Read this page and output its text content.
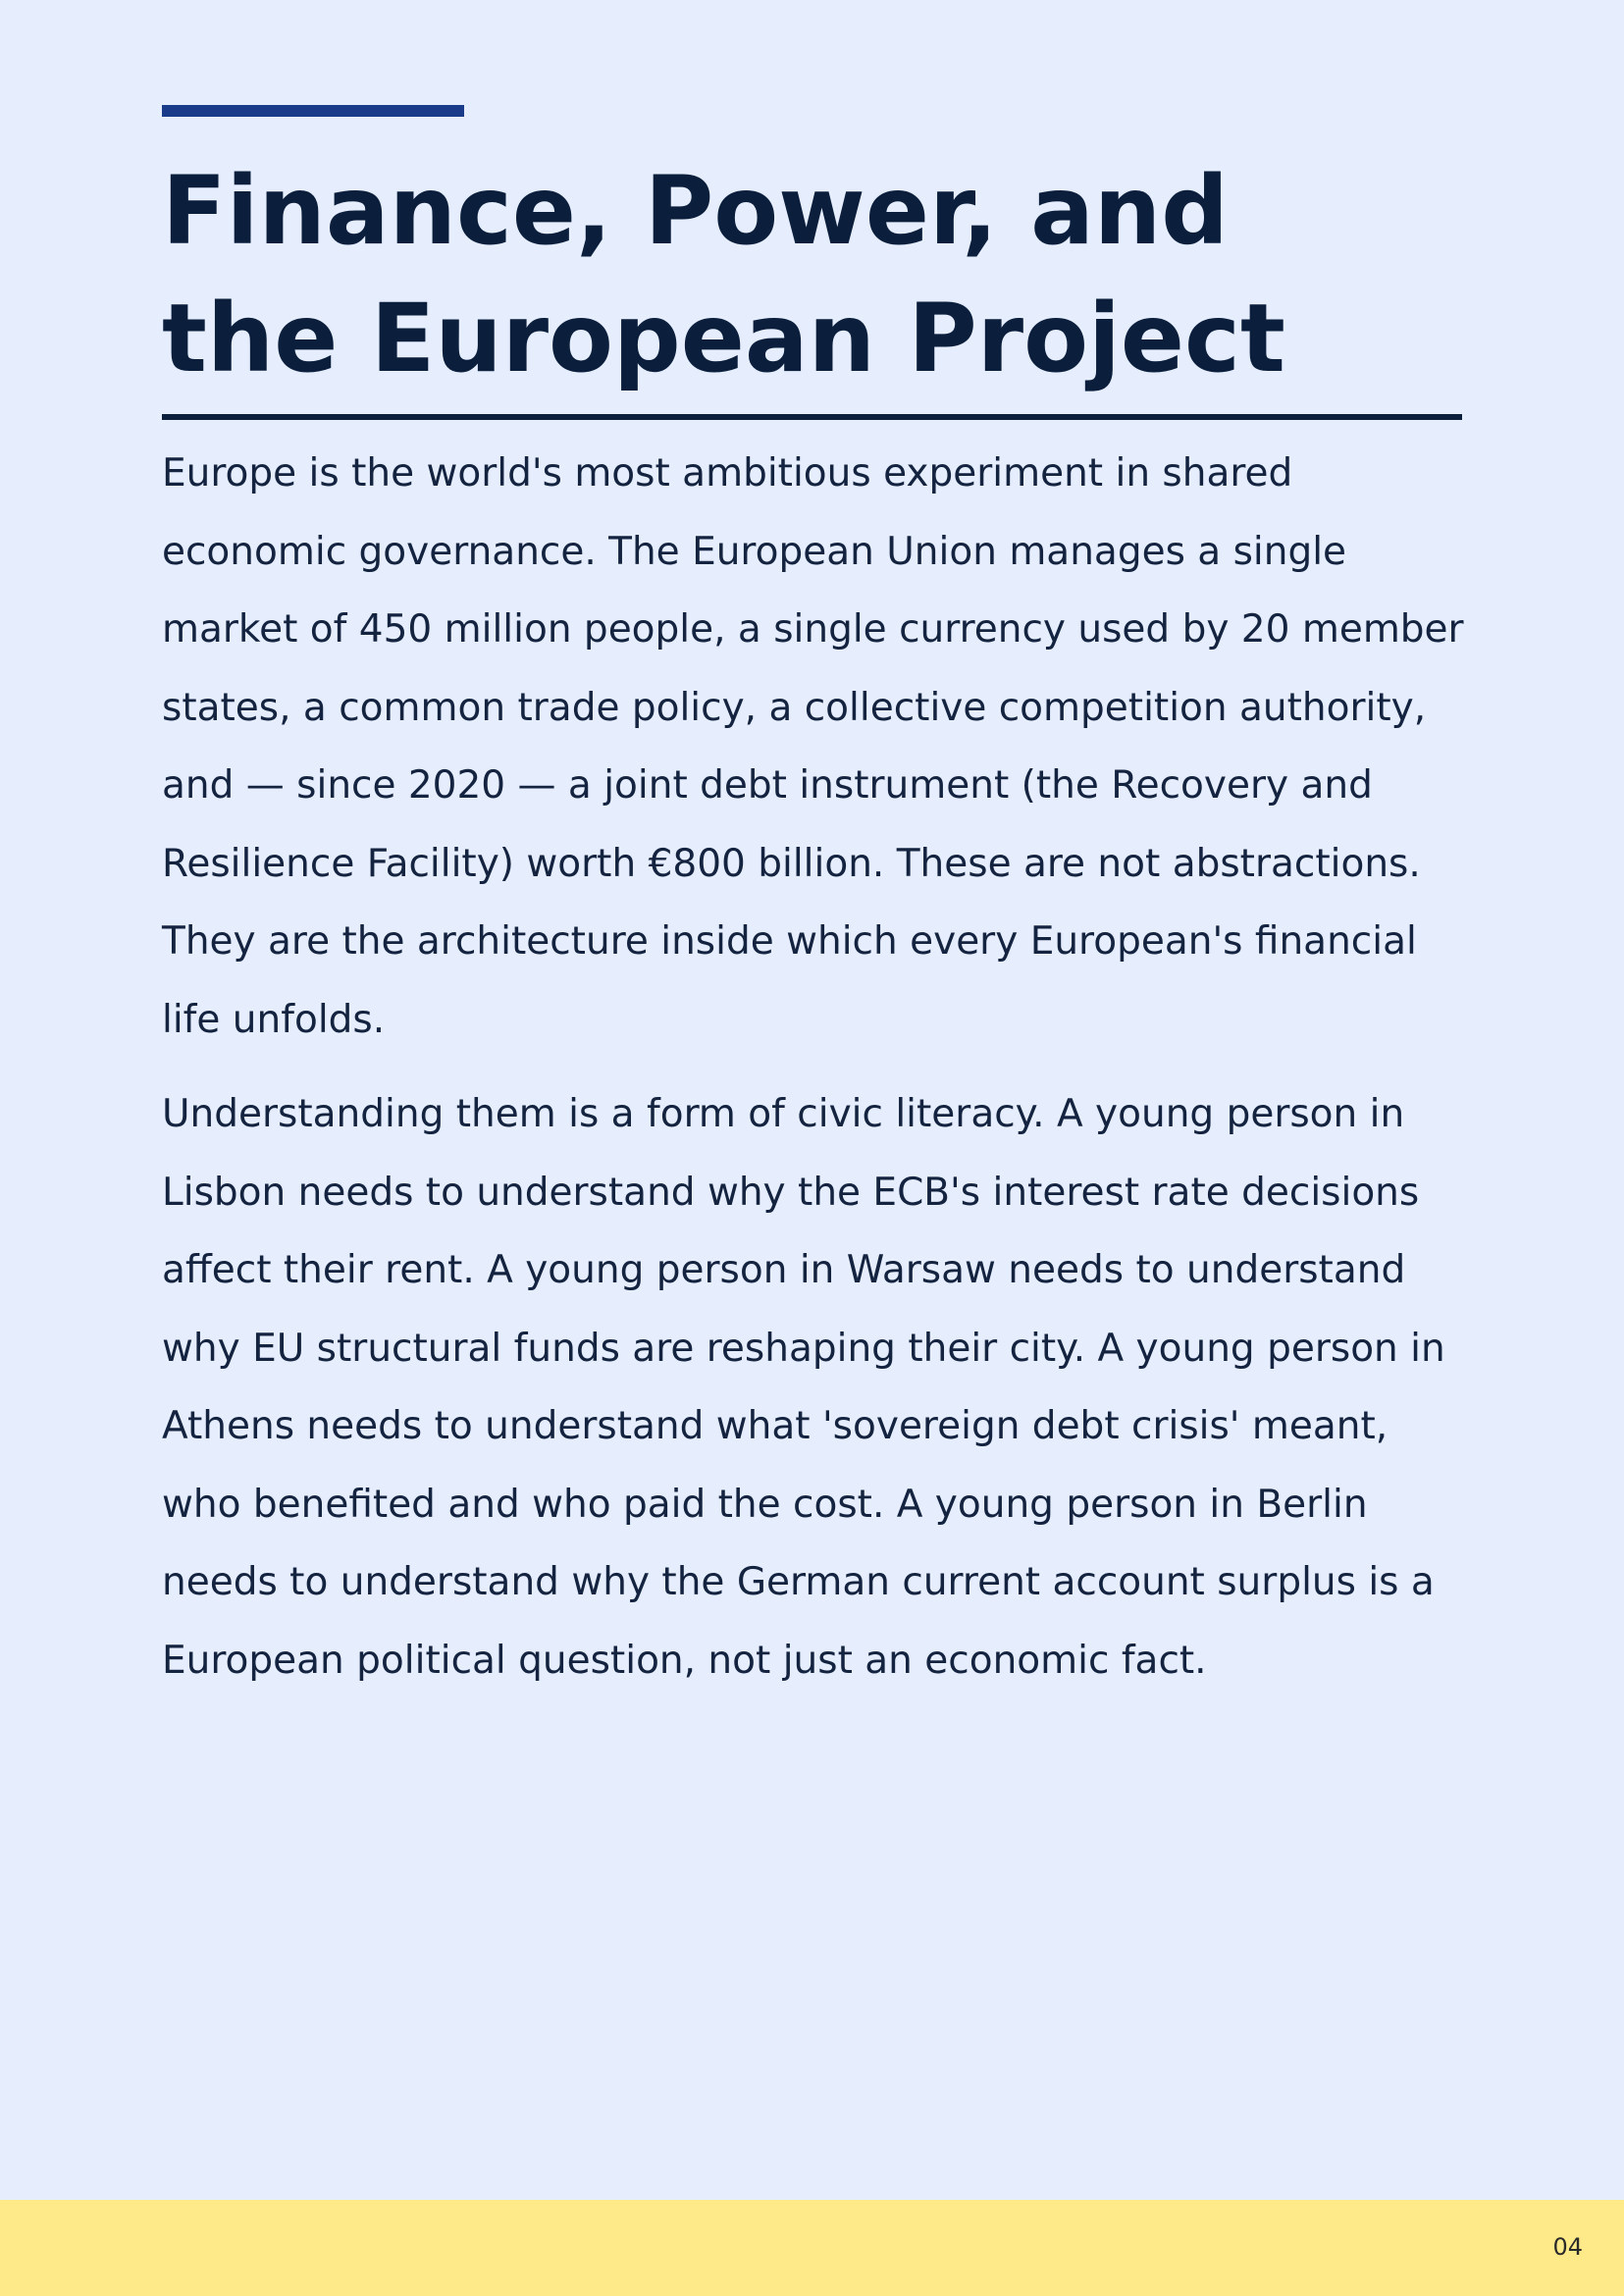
Finance, Power, and
the European Project

Europe is the world's most ambitious experiment in shared economic governance. The European Union manages a single market of 450 million people, a single currency used by 20 member states, a common trade policy, a collective competition authority, and — since 2020 — a joint debt instrument (the Recovery and Resilience Facility) worth €800 billion. These are not abstractions. They are the architecture inside which every European's financial life unfolds.

Understanding them is a form of civic literacy. A young person in Lisbon needs to understand why the ECB's interest rate decisions affect their rent. A young person in Warsaw needs to understand why EU structural funds are reshaping their city. A young person in Athens needs to understand what 'sovereign debt crisis' meant, who benefited and who paid the cost. A young person in Berlin needs to understand why the German current account surplus is a European political question, not just an economic fact.

04
